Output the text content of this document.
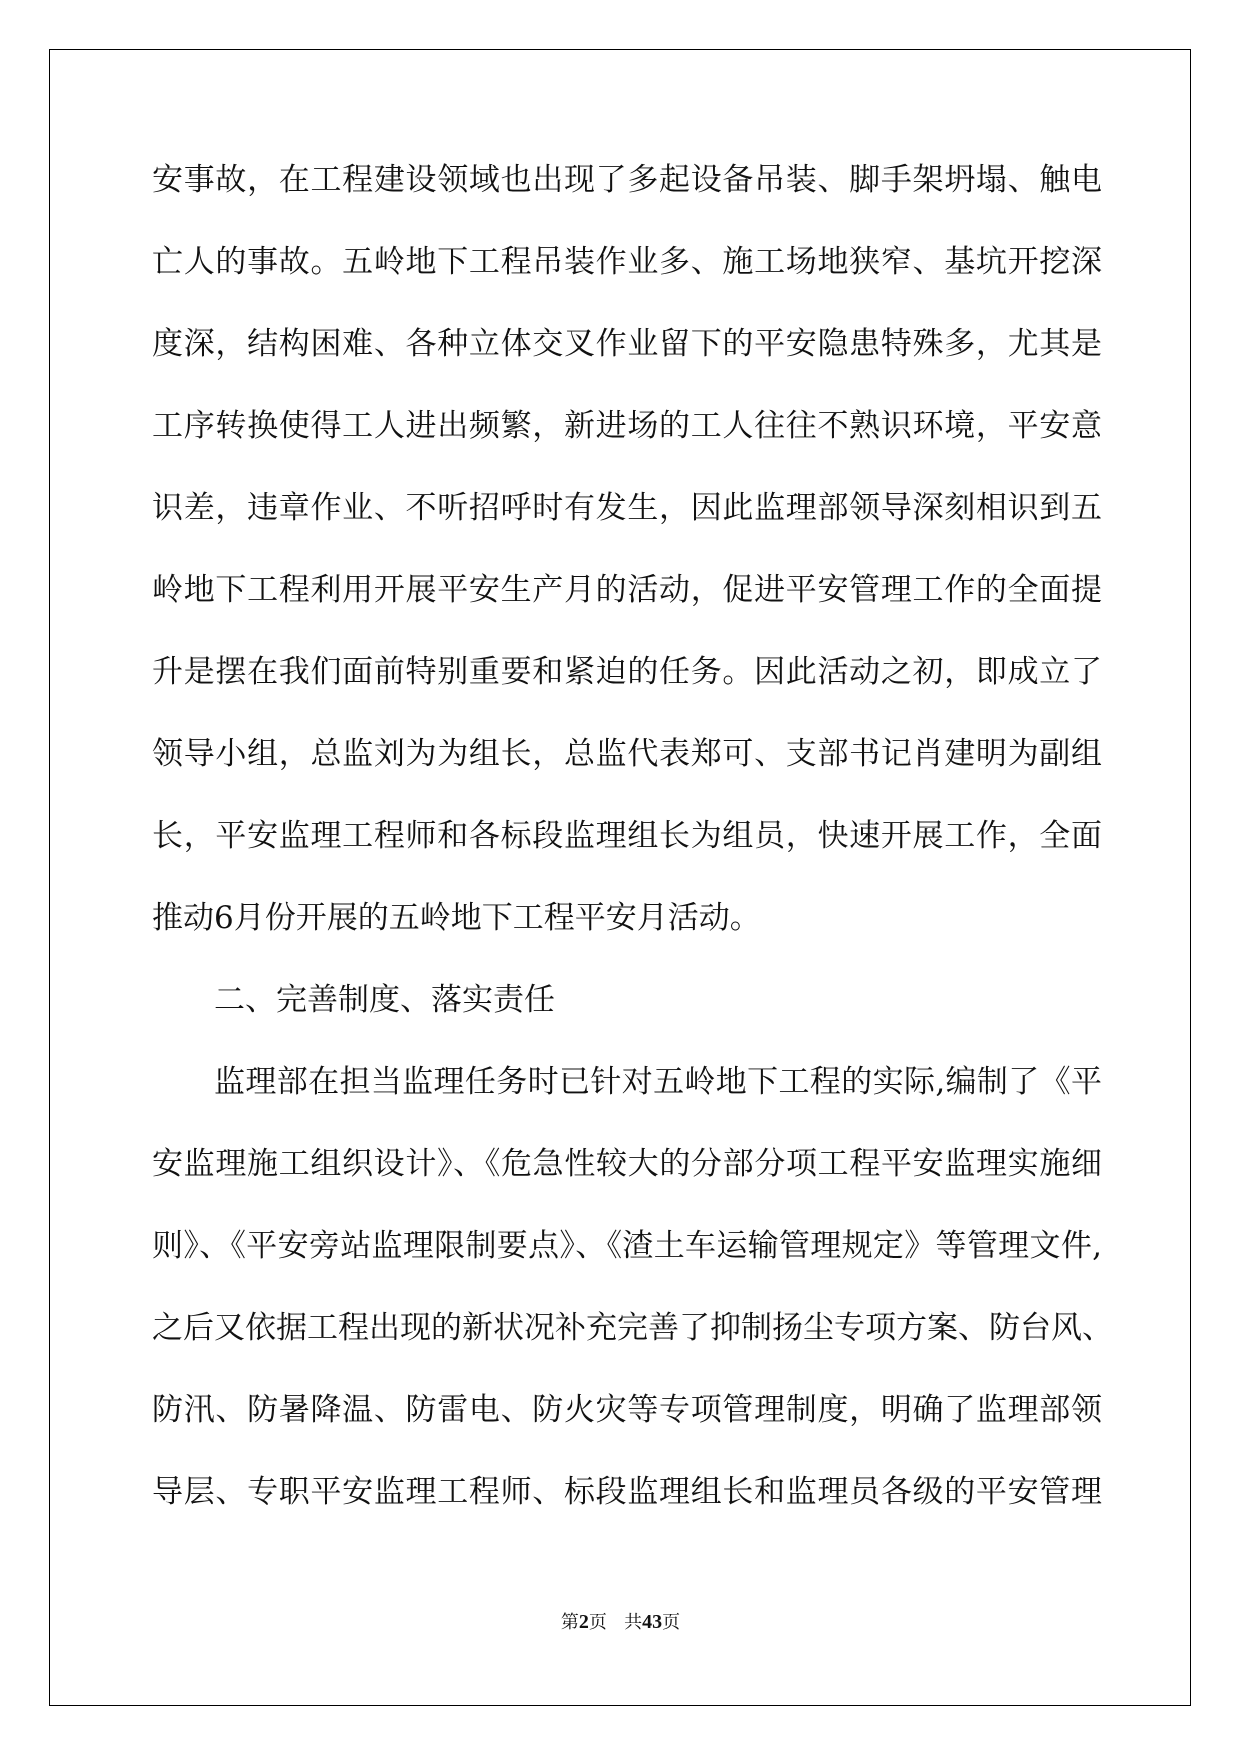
安事故，在工程建设领域也出现了多起设备吊装、脚手架坍塌、触电
亡人的事故。五岭地下工程吊装作业多、施工场地狭窄、基坑开挖深
度深，结构困难、各种立体交叉作业留下的平安隐患特殊多，尤其是
工序转换使得工人进出频繁，新进场的工人往往不熟识环境，平安意
识差，违章作业、不听招呼时有发生，因此监理部领导深刻相识到五
岭地下工程利用开展平安生产月的活动，促进平安管理工作的全面提
升是摆在我们面前特别重要和紧迫的任务。因此活动之初，即成立了
领导小组，总监刘为为组长，总监代表郑可、支部书记肖建明为副组
长，平安监理工程师和各标段监理组长为组员，快速开展工作，全面
推动6月份开展的五岭地下工程平安月活动。
二、完善制度、落实责任
监理部在担当监理任务时已针对五岭地下工程的实际,编制了《平
安监理施工组织设计》、《危急性较大的分部分项工程平安监理实施细
则》、《平安旁站监理限制要点》、《渣土车运输管理规定》等管理文件,
之后又依据工程出现的新状况补充完善了抑制扬尘专项方案、防台风、
防汛、防暑降温、防雷电、防火灾等专项管理制度，明确了监理部领
导层、专职平安监理工程师、标段监理组长和监理员各级的平安管理
第2页 共43页
